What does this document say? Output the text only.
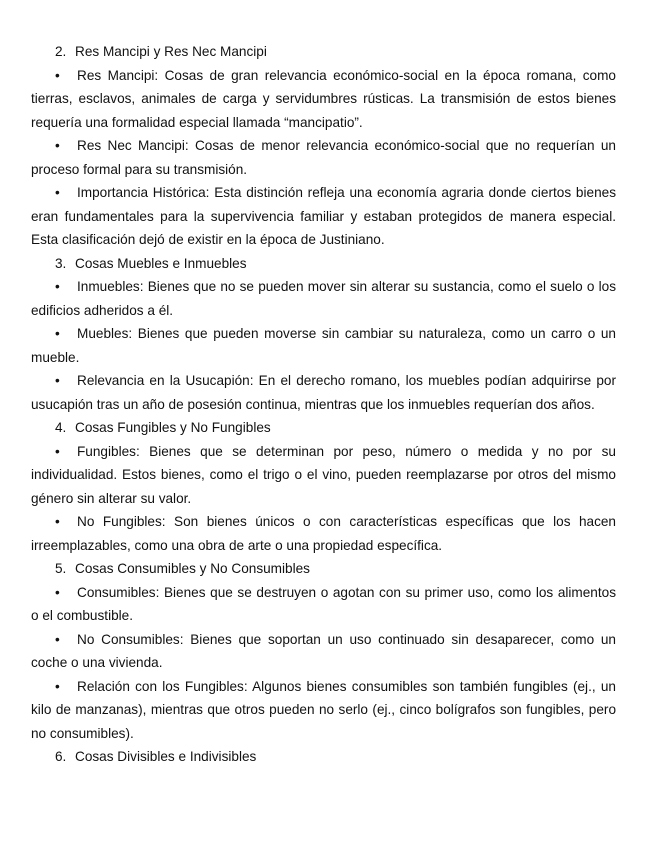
2. Res Mancipi y Res Nec Mancipi
• Res Mancipi: Cosas de gran relevancia económico-social en la época romana, como tierras, esclavos, animales de carga y servidumbres rústicas. La transmisión de estos bienes requería una formalidad especial llamada “mancipatio”.
• Res Nec Mancipi: Cosas de menor relevancia económico-social que no requerían un proceso formal para su transmisión.
• Importancia Histórica: Esta distinción refleja una economía agraria donde ciertos bienes eran fundamentales para la supervivencia familiar y estaban protegidos de manera especial. Esta clasificación dejó de existir en la época de Justiniano.
3. Cosas Muebles e Inmuebles
• Inmuebles: Bienes que no se pueden mover sin alterar su sustancia, como el suelo o los edificios adheridos a él.
• Muebles: Bienes que pueden moverse sin cambiar su naturaleza, como un carro o un mueble.
• Relevancia en la Usucapión: En el derecho romano, los muebles podían adquirirse por usucapión tras un año de posesión continua, mientras que los inmuebles requerían dos años.
4. Cosas Fungibles y No Fungibles
• Fungibles: Bienes que se determinan por peso, número o medida y no por su individualidad. Estos bienes, como el trigo o el vino, pueden reemplazarse por otros del mismo género sin alterar su valor.
• No Fungibles: Son bienes únicos o con características específicas que los hacen irreemplazables, como una obra de arte o una propiedad específica.
5. Cosas Consumibles y No Consumibles
• Consumibles: Bienes que se destruyen o agotan con su primer uso, como los alimentos o el combustible.
• No Consumibles: Bienes que soportan un uso continuado sin desaparecer, como un coche o una vivienda.
• Relación con los Fungibles: Algunos bienes consumibles son también fungibles (ej., un kilo de manzanas), mientras que otros pueden no serlo (ej., cinco bolígrafos son fungibles, pero no consumibles).
6. Cosas Divisibles e Indivisibles
